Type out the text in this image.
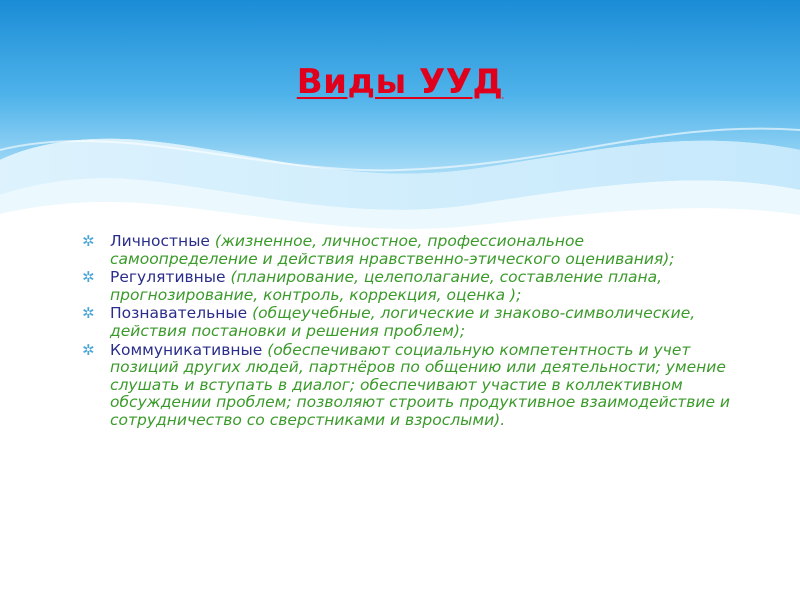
Виды УУД
✲ Личностные (жизненное, личностное, профессиональное самоопределение и действия нравственно-этического оценивания);
✲ Регулятивные (планирование, целеполагание, составление плана, прогнозирование, контроль, коррекция, оценка );
✲ Познавательные (общеучебные, логические и знаково-символические, действия постановки и решения проблем);
✲ Коммуникативные (обеспечивают социальную компетентность и учет позиций других людей, партнёров по общению или деятельности; умение слушать и вступать в диалог; обеспечивают участие в коллективном обсуждении проблем; позволяют строить продуктивное взаимодействие и сотрудничество со сверстниками и взрослыми).
